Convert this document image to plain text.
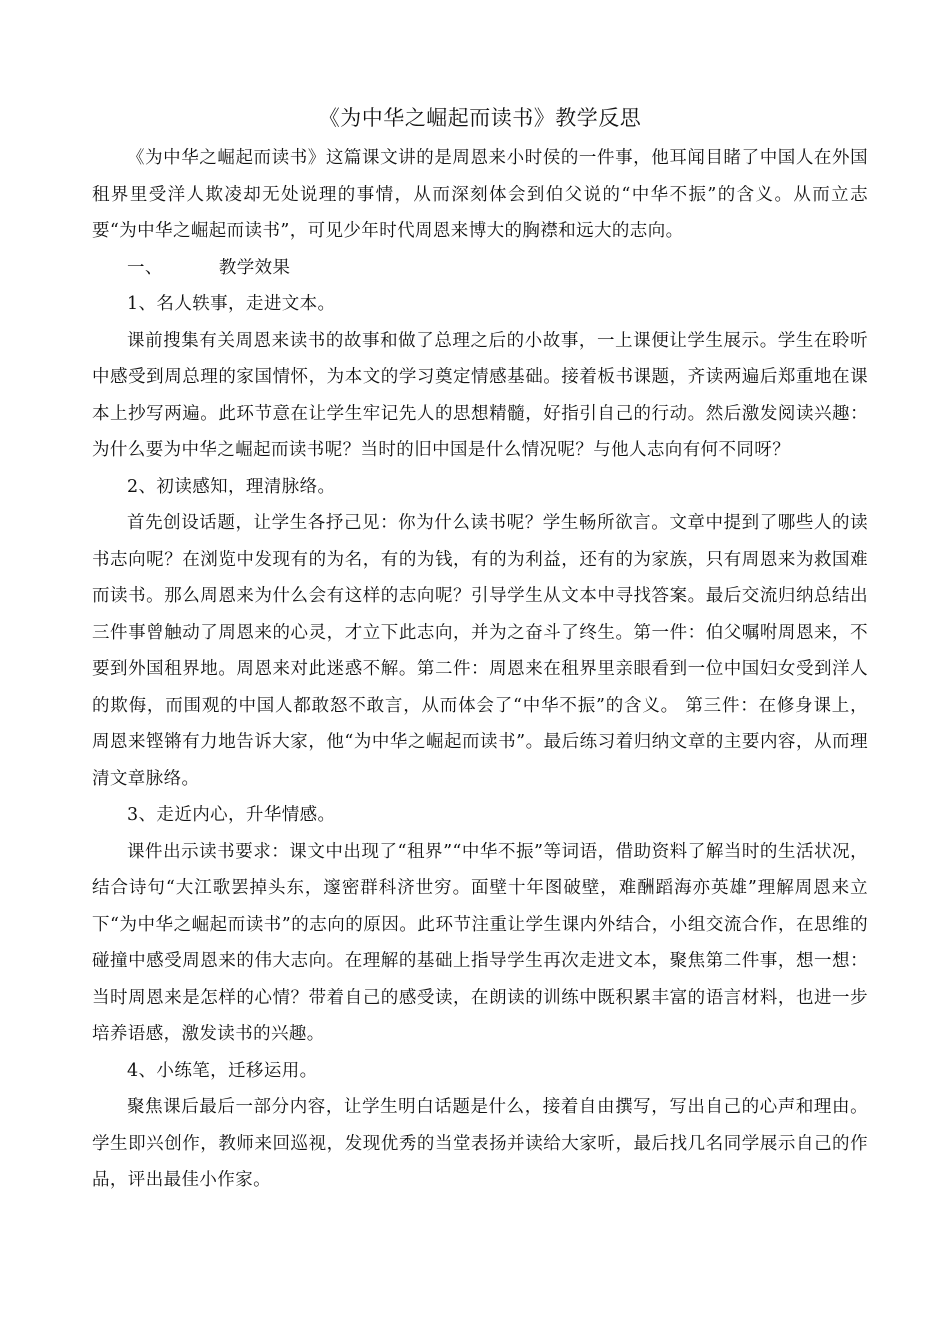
《为中华之崛起而读书》教学反思

《为中华之崛起而读书》这篇课文讲的是周恩来小时侯的一件事，他耳闻目睹了中国人在外国租界里受洋人欺凌却无处说理的事情，从而深刻体会到伯父说的“中华不振”的含义。从而立志要“为中华之崛起而读书”，可见少年时代周恩来博大的胸襟和远大的志向。

一、	教学效果

1、名人轶事，走进文本。

课前搜集有关周恩来读书的故事和做了总理之后的小故事，一上课便让学生展示。学生在聆听中感受到周总理的家国情怀，为本文的学习奠定情感基础。接着板书课题，齐读两遍后郑重地在课本上抄写两遍。此环节意在让学生牢记先人的思想精髓，好指引自己的行动。然后激发阅读兴趣：为什么要为中华之崛起而读书呢？当时的旧中国是什么情况呢？与他人志向有何不同呀？

2、初读感知，理清脉络。

首先创设话题，让学生各抒己见：你为什么读书呢？学生畅所欲言。文章中提到了哪些人的读书志向呢？在浏览中发现有的为名，有的为钱，有的为利益，还有的为家族，只有周恩来为救国难而读书。那么周恩来为什么会有这样的志向呢？引导学生从文本中寻找答案。最后交流归纳总结出三件事曾触动了周恩来的心灵，才立下此志向，并为之奋斗了终生。第一件：伯父嘱咐周恩来，不要到外国租界地。周恩来对此迷惑不解。第二件：周恩来在租界里亲眼看到一位中国妇女受到洋人的欺侮，而围观的中国人都敢怒不敢言，从而体会了“中华不振”的含义。 第三件：在修身课上，周恩来铿锵有力地告诉大家，他“为中华之崛起而读书”。最后练习着归纳文章的主要内容，从而理清文章脉络。

3、走近内心，升华情感。

课件出示读书要求：课文中出现了“租界”“中华不振”等词语，借助资料了解当时的生活状况，结合诗句“大江歌罢掉头东，邃密群科济世穷。面壁十年图破壁，难酬蹈海亦英雄”理解周恩来立下“为中华之崛起而读书”的志向的原因。此环节注重让学生课内外结合，小组交流合作，在思维的碰撞中感受周恩来的伟大志向。在理解的基础上指导学生再次走进文本，聚焦第二件事，想一想：当时周恩来是怎样的心情？带着自己的感受读，在朗读的训练中既积累丰富的语言材料，也进一步培养语感，激发读书的兴趣。

4、小练笔，迁移运用。

聚焦课后最后一部分内容，让学生明白话题是什么，接着自由撰写，写出自己的心声和理由。学生即兴创作，教师来回巡视，发现优秀的当堂表扬并读给大家听，最后找几名同学展示自己的作品，评出最佳小作家。
